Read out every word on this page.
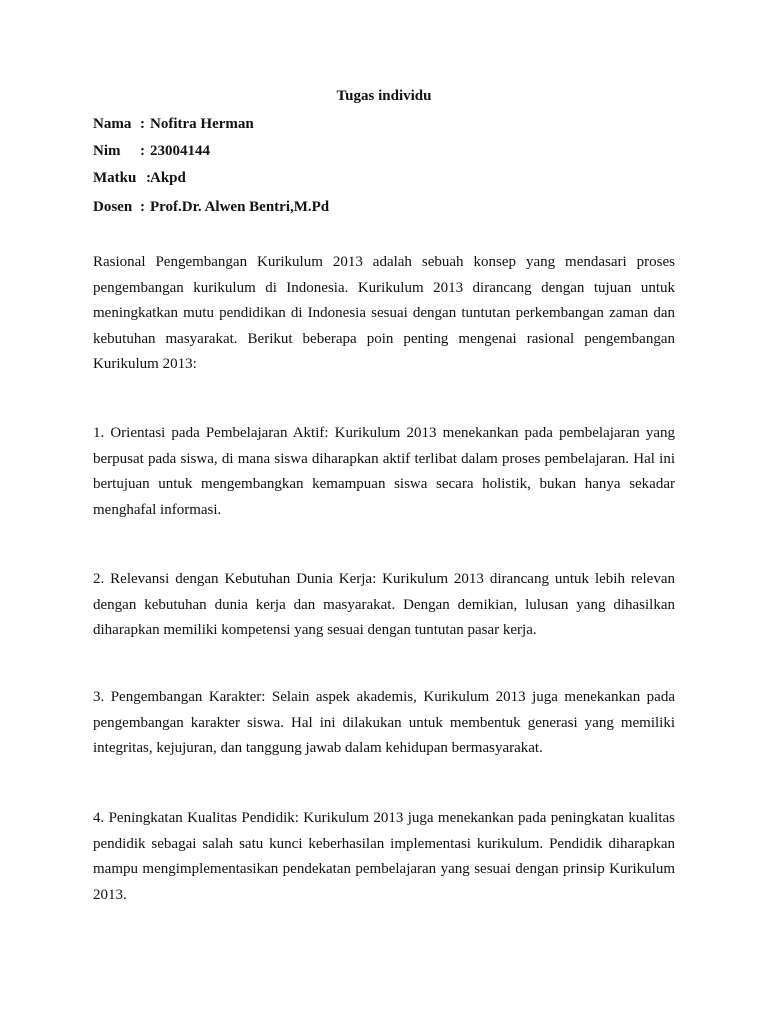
Tugas individu
Nama : Nofitra Herman
Nim : 23004144
Matku :Akpd
Dosen : Prof.Dr. Alwen Bentri,M.Pd

Rasional Pengembangan Kurikulum 2013 adalah sebuah konsep yang mendasari proses pengembangan kurikulum di Indonesia. Kurikulum 2013 dirancang dengan tujuan untuk meningkatkan mutu pendidikan di Indonesia sesuai dengan tuntutan perkembangan zaman dan kebutuhan masyarakat. Berikut beberapa poin penting mengenai rasional pengembangan Kurikulum 2013:

1. Orientasi pada Pembelajaran Aktif: Kurikulum 2013 menekankan pada pembelajaran yang berpusat pada siswa, di mana siswa diharapkan aktif terlibat dalam proses pembelajaran. Hal ini bertujuan untuk mengembangkan kemampuan siswa secara holistik, bukan hanya sekadar menghafal informasi.

2. Relevansi dengan Kebutuhan Dunia Kerja: Kurikulum 2013 dirancang untuk lebih relevan dengan kebutuhan dunia kerja dan masyarakat. Dengan demikian, lulusan yang dihasilkan diharapkan memiliki kompetensi yang sesuai dengan tuntutan pasar kerja.

3. Pengembangan Karakter: Selain aspek akademis, Kurikulum 2013 juga menekankan pada pengembangan karakter siswa. Hal ini dilakukan untuk membentuk generasi yang memiliki integritas, kejujuran, dan tanggung jawab dalam kehidupan bermasyarakat.

4. Peningkatan Kualitas Pendidik: Kurikulum 2013 juga menekankan pada peningkatan kualitas pendidik sebagai salah satu kunci keberhasilan implementasi kurikulum. Pendidik diharapkan mampu mengimplementasikan pendekatan pembelajaran yang sesuai dengan prinsip Kurikulum 2013.
